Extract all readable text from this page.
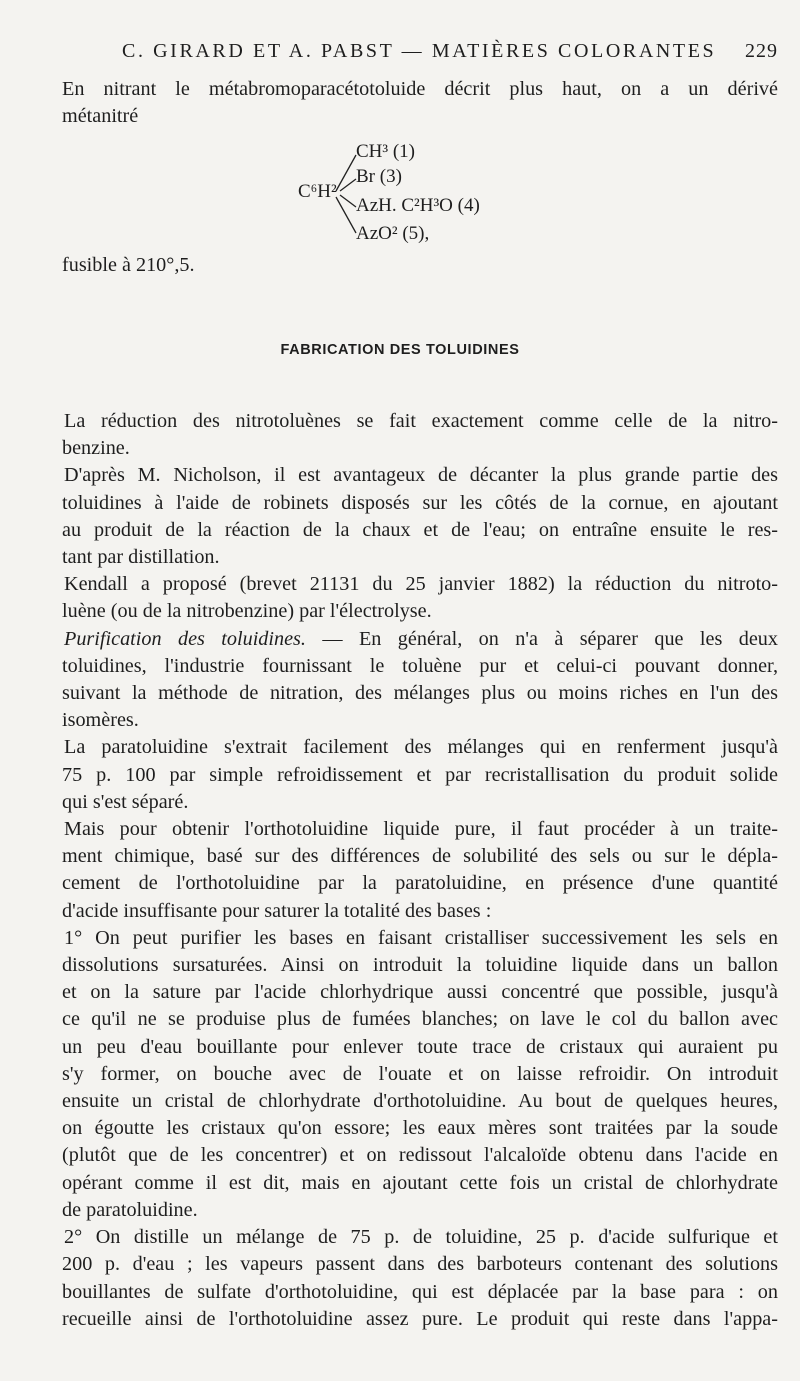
C. GIRARD ET A. PABST — MATIÈRES COLORANTES 229
En nitrant le métabromoparacétotoluide décrit plus haut, on a un dérivé
métanitré
C⁶H²
CH³ (1)
Br (3)
AzH. C²H³O (4)
AzO² (5),
fusible à 210°,5.
FABRICATION DES TOLUIDINES
La réduction des nitrotoluènes se fait exactement comme celle de la nitro-
benzine.
D'après M. Nicholson, il est avantageux de décanter la plus grande partie des
toluidines à l'aide de robinets disposés sur les côtés de la cornue, en ajoutant
au produit de la réaction de la chaux et de l'eau; on entraîne ensuite le res-
tant par distillation.
Kendall a proposé (brevet 21131 du 25 janvier 1882) la réduction du nitroto-
luène (ou de la nitrobenzine) par l'électrolyse.
Purification des toluidines. — En général, on n'a à séparer que les deux
toluidines, l'industrie fournissant le toluène pur et celui-ci pouvant donner,
suivant la méthode de nitration, des mélanges plus ou moins riches en l'un des
isomères.
La paratoluidine s'extrait facilement des mélanges qui en renferment jusqu'à
75 p. 100 par simple refroidissement et par recristallisation du produit solide
qui s'est séparé.
Mais pour obtenir l'orthotoluidine liquide pure, il faut procéder à un traite-
ment chimique, basé sur des différences de solubilité des sels ou sur le dépla-
cement de l'orthotoluidine par la paratoluidine, en présence d'une quantité
d'acide insuffisante pour saturer la totalité des bases :
1° On peut purifier les bases en faisant cristalliser successivement les sels en
dissolutions sursaturées. Ainsi on introduit la toluidine liquide dans un ballon
et on la sature par l'acide chlorhydrique aussi concentré que possible, jusqu'à
ce qu'il ne se produise plus de fumées blanches; on lave le col du ballon avec
un peu d'eau bouillante pour enlever toute trace de cristaux qui auraient pu
s'y former, on bouche avec de l'ouate et on laisse refroidir. On introduit
ensuite un cristal de chlorhydrate d'orthotoluidine. Au bout de quelques heures,
on égoutte les cristaux qu'on essore; les eaux mères sont traitées par la soude
(plutôt que de les concentrer) et on redissout l'alcaloïde obtenu dans l'acide en
opérant comme il est dit, mais en ajoutant cette fois un cristal de chlorhydrate
de paratoluidine.
2° On distille un mélange de 75 p. de toluidine, 25 p. d'acide sulfurique et
200 p. d'eau ; les vapeurs passent dans des barboteurs contenant des solutions
bouillantes de sulfate d'orthotoluidine, qui est déplacée par la base para : on
recueille ainsi de l'orthotoluidine assez pure. Le produit qui reste dans l'appa-
